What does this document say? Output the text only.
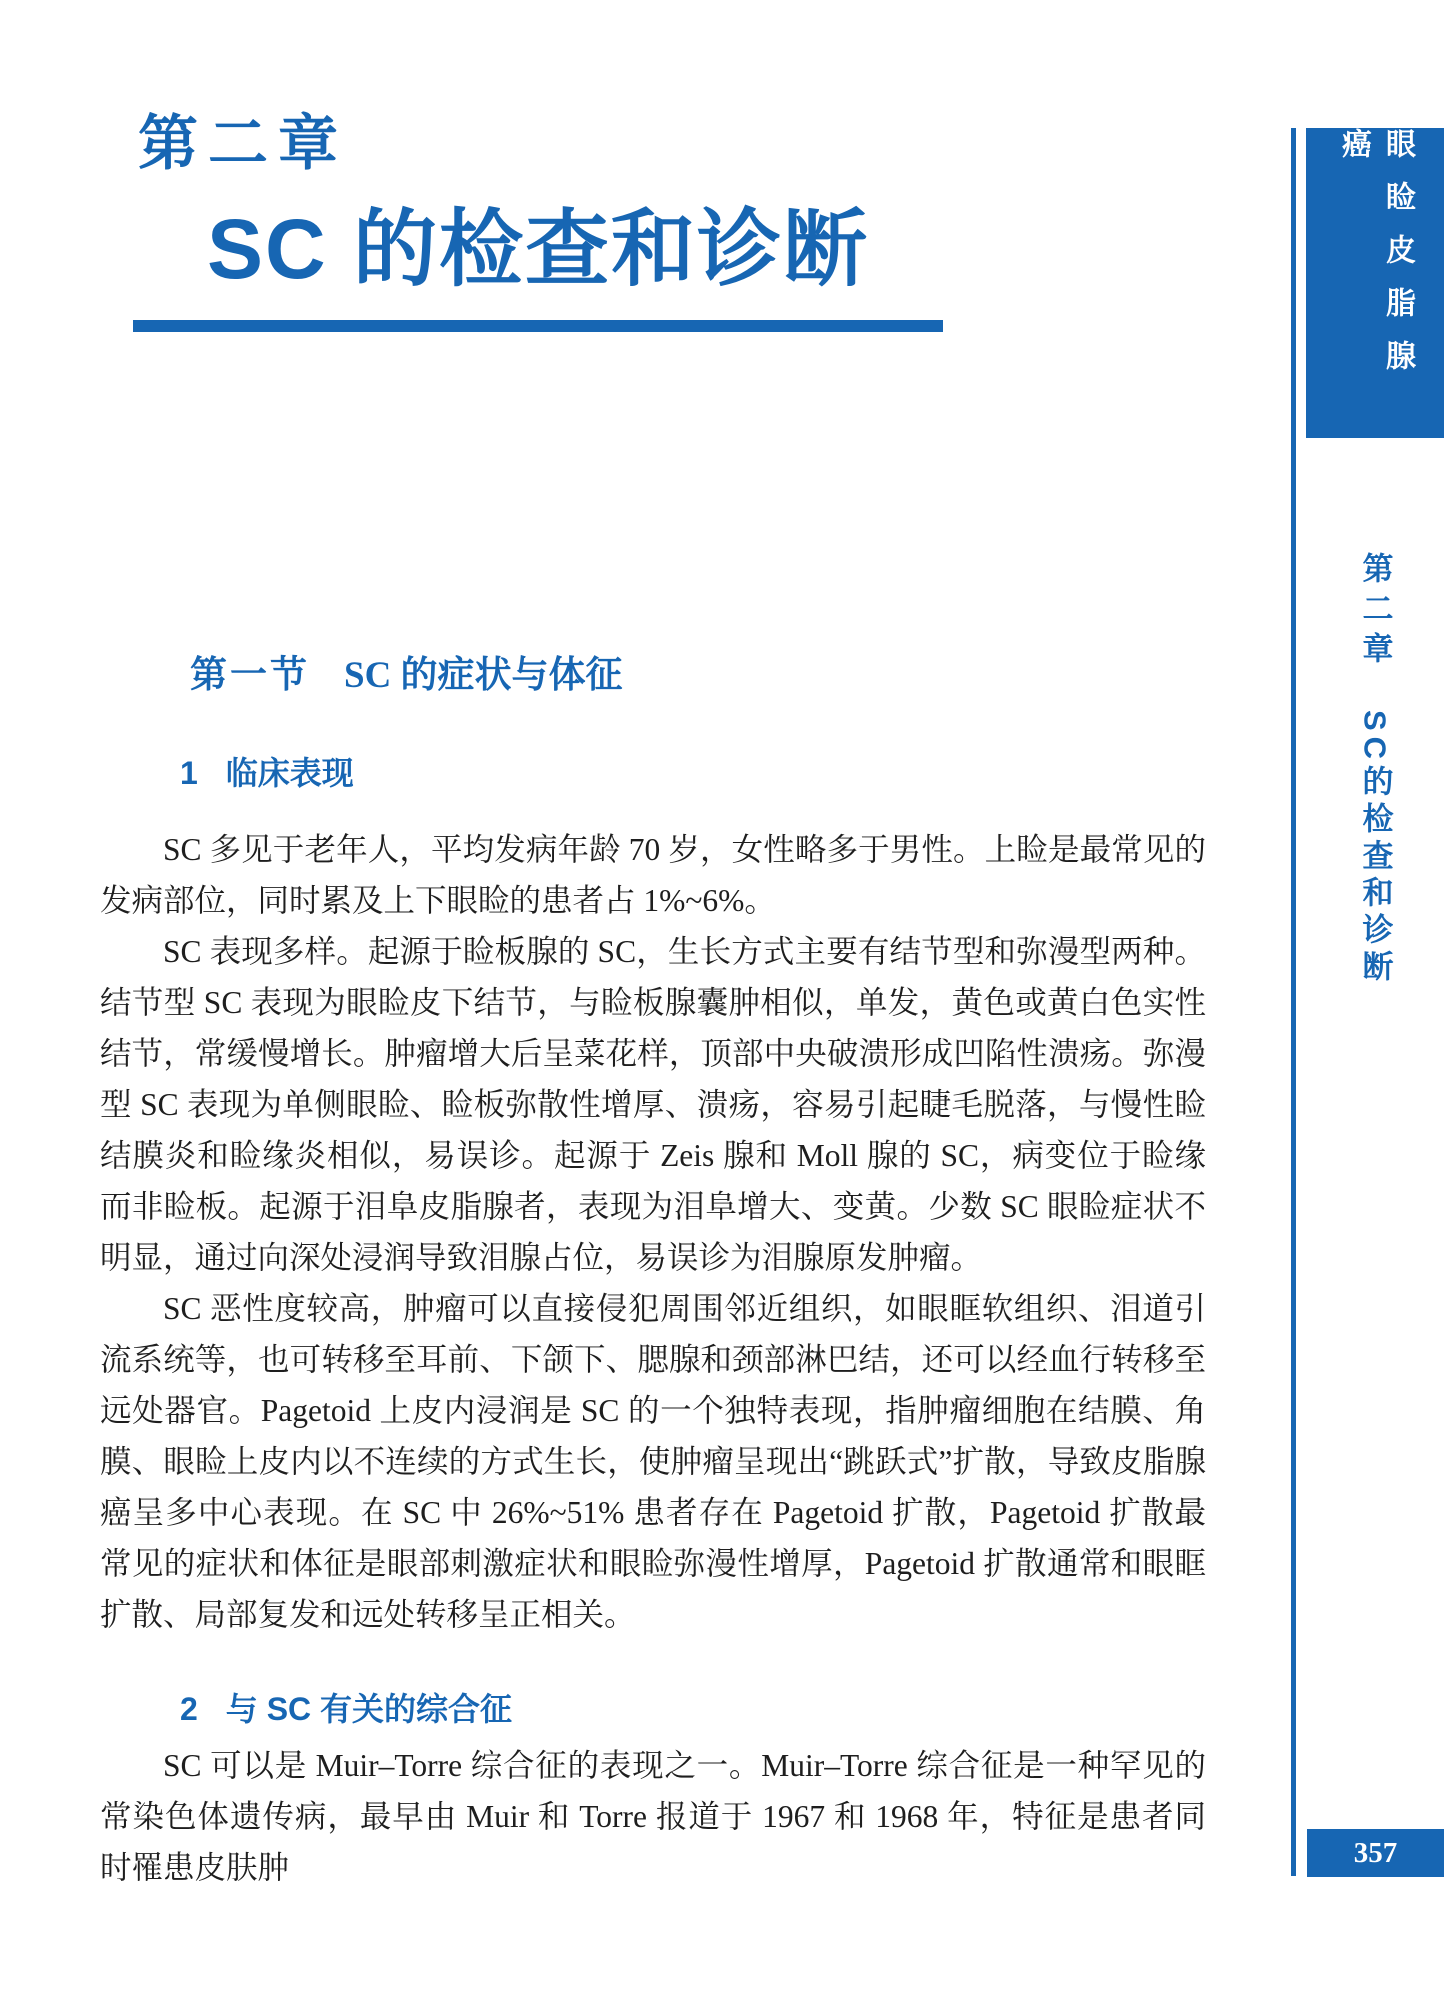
第二章
SC 的检查和诊断	眼睑皮脂腺癌
第二章 SC的检查和诊断
357
第一节 SC 的症状与体征
1 临床表现

SC 多见于老年人，平均发病年龄 70 岁，女性略多于男性。上睑是最常见的发病部位，同时累及上下眼睑的患者占 1%~6%。

SC 表现多样。起源于睑板腺的 SC，生长方式主要有结节型和弥漫型两种。结节型 SC 表现为眼睑皮下结节，与睑板腺囊肿相似，单发，黄色或黄白色实性结节，常缓慢增长。肿瘤增大后呈菜花样，顶部中央破溃形成凹陷性溃疡。弥漫型 SC 表现为单侧眼睑、睑板弥散性增厚、溃疡，容易引起睫毛脱落，与慢性睑结膜炎和睑缘炎相似，易误诊。起源于 Zeis 腺和 Moll 腺的 SC，病变位于睑缘而非睑板。起源于泪阜皮脂腺者，表现为泪阜增大、变黄。少数 SC 眼睑症状不明显，通过向深处浸润导致泪腺占位，易误诊为泪腺原发肿瘤。

SC 恶性度较高，肿瘤可以直接侵犯周围邻近组织，如眼眶软组织、泪道引流系统等，也可转移至耳前、下颌下、腮腺和颈部淋巴结，还可以经血行转移至远处器官。Pagetoid 上皮内浸润是 SC 的一个独特表现，指肿瘤细胞在结膜、角膜、眼睑上皮内以不连续的方式生长，使肿瘤呈现出“跳跃式”扩散，导致皮脂腺癌呈多中心表现。在 SC 中 26%~51% 患者存在 Pagetoid 扩散，Pagetoid 扩散最常见的症状和体征是眼部刺激症状和眼睑弥漫性增厚，Pagetoid 扩散通常和眼眶扩散、局部复发和远处转移呈正相关。

2 与 SC 有关的综合征

SC 可以是 Muir–Torre 综合征的表现之一。Muir–Torre 综合征是一种罕见的常染色体遗传病，最早由 Muir 和 Torre 报道于 1967 和 1968 年，特征是患者同时罹患皮肤肿
